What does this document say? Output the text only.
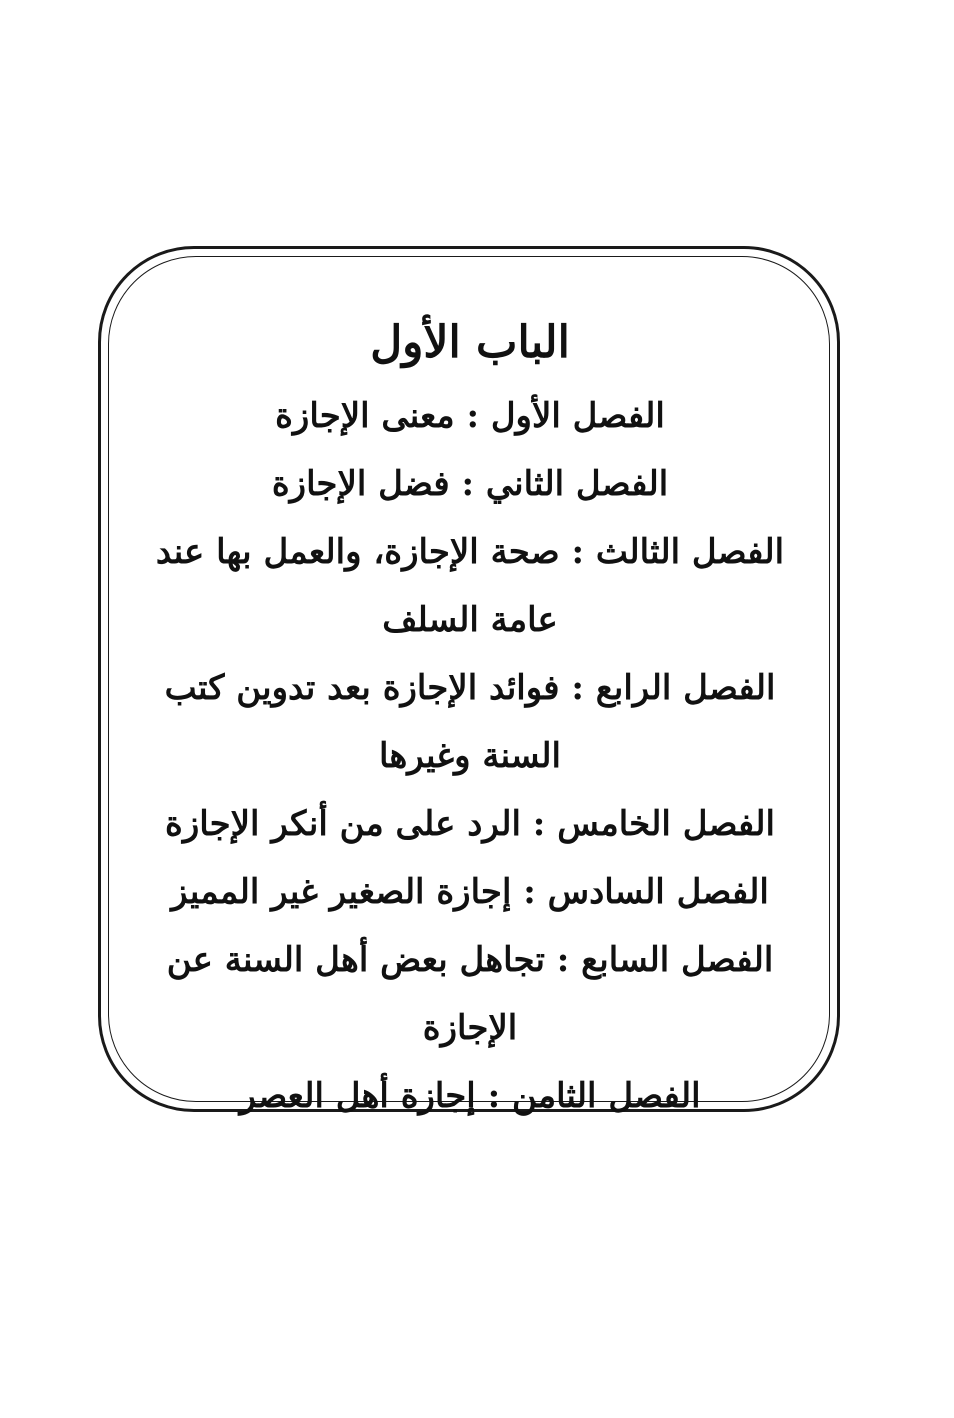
الباب الأول
الفصل الأول : معنى الإجازة
الفصل الثاني : فضل الإجازة
الفصل الثالث : صحة الإجازة، والعمل بها عند عامة السلف
الفصل الرابع : فوائد الإجازة بعد تدوين كتب السنة وغيرها
الفصل الخامس : الرد على من أنكر الإجازة
الفصل السادس : إجازة الصغير غير المميز
الفصل السابع : تجاهل بعض أهل السنة عن الإجازة
الفصل الثامن : إجازة أهل العصر
